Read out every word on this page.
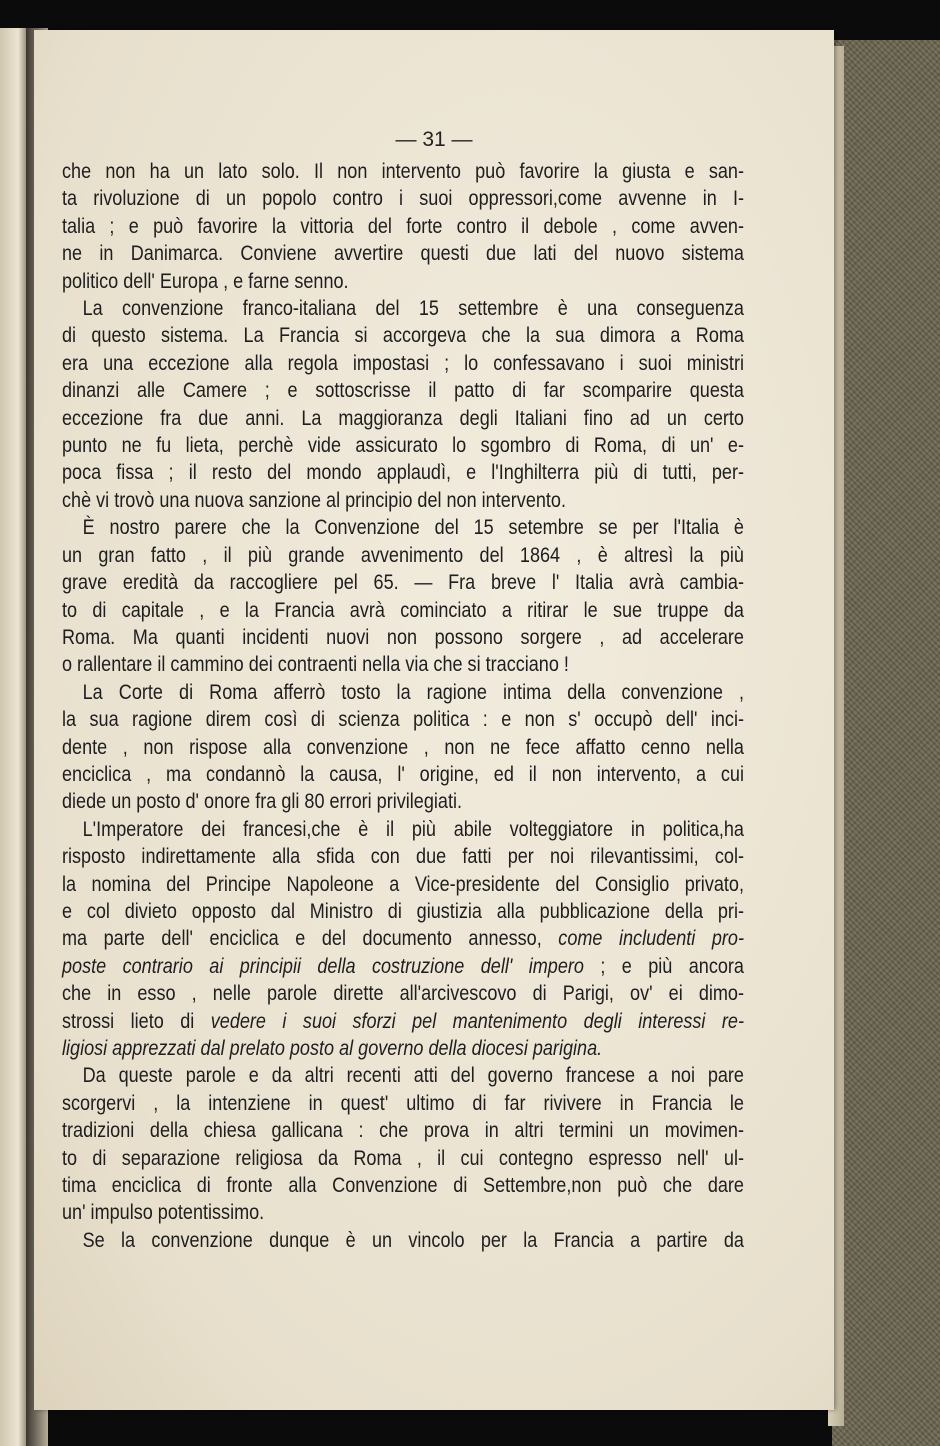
— 31 —
che non ha un lato solo. Il non intervento può favorire la giusta e san-
ta rivoluzione di un popolo contro i suoi oppressori,come avvenne in I-
talia ; e può favorire la vittoria del forte contro il debole , come avven-
ne in Danimarca. Conviene avvertire questi due lati del nuovo sistema
politico dell' Europa , e farne senno.
La convenzione franco-italiana del 15 settembre è una conseguenza
di questo sistema. La Francia si accorgeva che la sua dimora a Roma
era una eccezione alla regola impostasi ; lo confessavano i suoi ministri
dinanzi alle Camere ; e sottoscrisse il patto di far scomparire questa
eccezione fra due anni. La maggioranza degli Italiani fino ad un certo
punto ne fu lieta, perchè vide assicurato lo sgombro di Roma, di un' e-
poca fissa ; il resto del mondo applaudì, e l'Inghilterra più di tutti, per-
chè vi trovò una nuova sanzione al principio del non intervento.
È nostro parere che la Convenzione del 15 setembre se per l'Italia è
un gran fatto , il più grande avvenimento del 1864 , è altresì la più
grave eredità da raccogliere pel 65. — Fra breve l' Italia avrà cambia-
to di capitale , e la Francia avrà cominciato a ritirar le sue truppe da
Roma. Ma quanti incidenti nuovi non possono sorgere , ad accelerare
o rallentare il cammino dei contraenti nella via che si tracciano !
La Corte di Roma afferrò tosto la ragione intima della convenzione ,
la sua ragione direm così di scienza politica : e non s' occupò dell' inci-
dente , non rispose alla convenzione , non ne fece affatto cenno nella
enciclica , ma condannò la causa, l' origine, ed il non intervento, a cui
diede un posto d' onore fra gli 80 errori privilegiati.
L'Imperatore dei francesi,che è il più abile volteggiatore in politica,ha
risposto indirettamente alla sfida con due fatti per noi rilevantissimi, col-
la nomina del Principe Napoleone a Vice-presidente del Consiglio privato,
e col divieto opposto dal Ministro di giustizia alla pubblicazione della pri-
ma parte dell' enciclica e del documento annesso, come includenti pro-
poste contrario ai principii della costruzione dell' impero ; e più ancora
che in esso , nelle parole dirette all'arcivescovo di Parigi, ov' ei dimo-
strossi lieto di vedere i suoi sforzi pel mantenimento degli interessi re-
ligiosi apprezzati dal prelato posto al governo della diocesi parigina.
Da queste parole e da altri recenti atti del governo francese a noi pare
scorgervi , la intenziene in quest' ultimo di far rivivere in Francia le
tradizioni della chiesa gallicana : che prova in altri termini un movimen-
to di separazione religiosa da Roma , il cui contegno espresso nell' ul-
tima enciclica di fronte alla Convenzione di Settembre,non può che dare
un' impulso potentissimo.
Se la convenzione dunque è un vincolo per la Francia a partire da
